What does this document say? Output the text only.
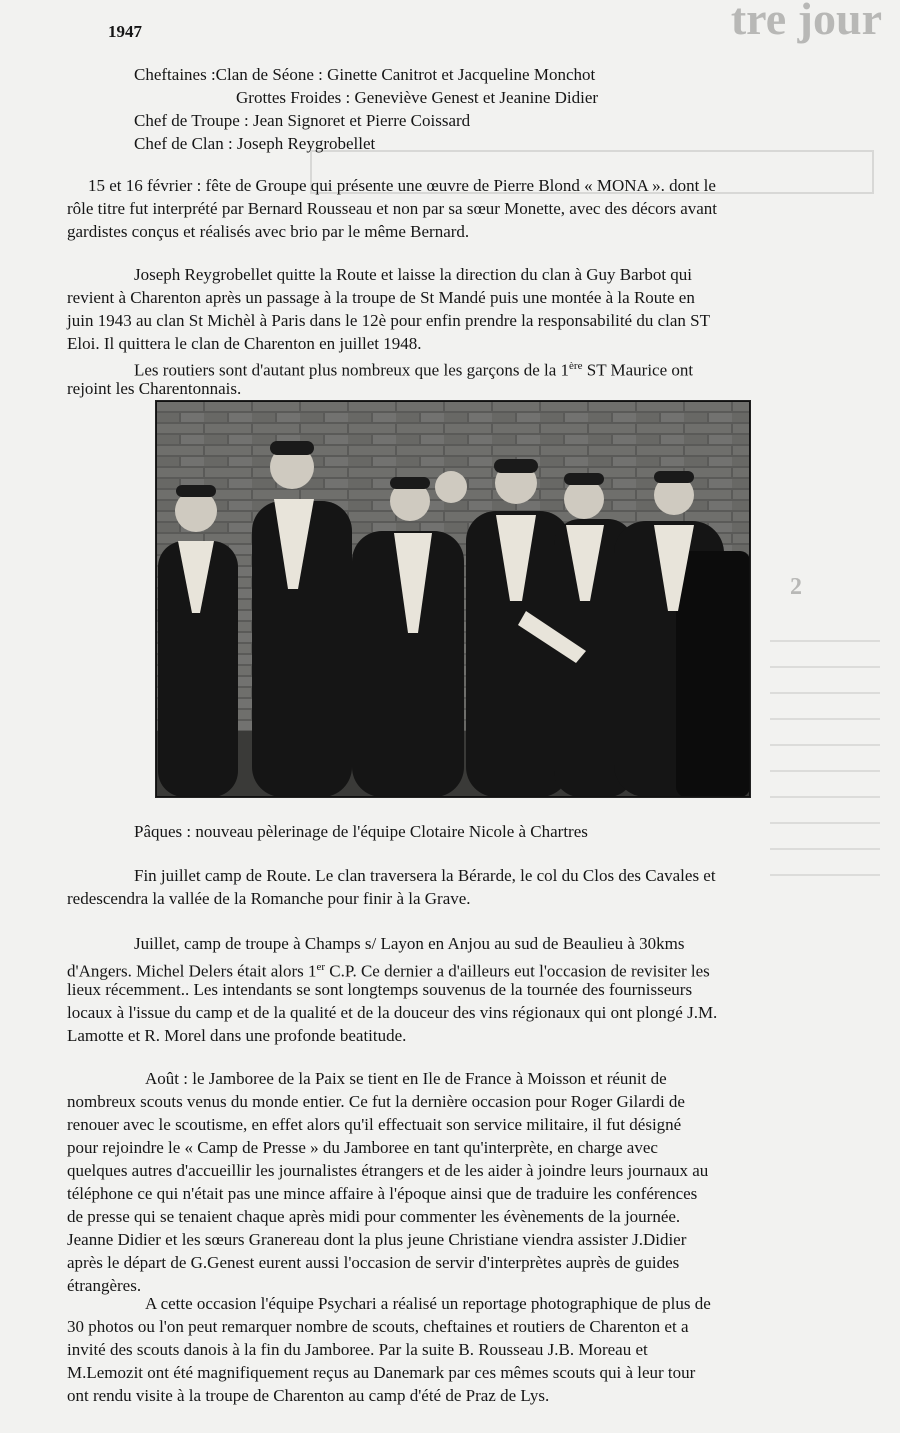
tre jour
2
1947
Cheftaines :Clan de Séone : Ginette Canitrot et Jacqueline Monchot
Grottes Froides : Geneviève Genest et Jeanine Didier
Chef de Troupe : Jean Signoret et Pierre Coissard
Chef de Clan : Joseph Reygrobellet
15 et 16 février : fête de Groupe qui présente une œuvre de Pierre Blond « MONA ». dont le
rôle titre fut interprété par Bernard Rousseau et non par sa sœur Monette, avec des décors avant
gardistes conçus et réalisés avec brio par le même Bernard.
Joseph Reygrobellet quitte la Route et laisse la direction du clan à Guy Barbot qui
revient à Charenton après un passage à la troupe de St Mandé puis une montée à la Route en
juin 1943 au clan St Michèl à Paris dans le 12è pour enfin prendre la responsabilité du clan ST
Eloi. Il quittera le clan de Charenton en juillet 1948.
Les routiers sont d'autant plus nombreux que les garçons de la 1ère ST Maurice ont
rejoint les Charentonnais.
Pâques : nouveau pèlerinage de l'équipe Clotaire Nicole à Chartres
Fin juillet camp de Route. Le clan traversera la Bérarde, le col du Clos des Cavales et
redescendra la vallée de la Romanche pour finir à la Grave.
Juillet, camp de troupe à Champs s/ Layon en Anjou au sud de Beaulieu à 30kms
d'Angers. Michel Delers était alors 1er C.P. Ce dernier a d'ailleurs eut l'occasion de revisiter les
lieux récemment.. Les intendants se sont longtemps souvenus de la tournée des fournisseurs
locaux à l'issue du camp et de la qualité et de la douceur des vins régionaux qui ont plongé J.M.
Lamotte et R. Morel dans une profonde beatitude.
Août : le Jamboree de la Paix se tient en Ile de France à Moisson et réunit de
nombreux scouts venus du monde entier. Ce fut la dernière occasion pour Roger Gilardi de
renouer avec le scoutisme, en effet alors qu'il effectuait son service militaire, il fut désigné
pour rejoindre le « Camp de Presse » du Jamboree en tant qu'interprète, en charge avec
quelques autres d'accueillir les journalistes étrangers et de les aider à joindre leurs journaux au
téléphone ce qui n'était pas une mince affaire à l'époque ainsi que de traduire les conférences
de presse qui se tenaient chaque après midi pour commenter les évènements de la journée.
Jeanne Didier et les sœurs Granereau dont la plus jeune Christiane viendra assister J.Didier
après le départ de G.Genest eurent aussi l'occasion de servir d'interprètes auprès de guides
étrangères.
A cette occasion l'équipe Psychari a réalisé un reportage photographique de plus de
30 photos ou l'on peut remarquer nombre de scouts, cheftaines et routiers de Charenton et a
invité des scouts danois à la fin du Jamboree. Par la suite B. Rousseau J.B. Moreau et
M.Lemozit ont été magnifiquement reçus au Danemark par ces mêmes scouts qui à leur tour
ont rendu visite à la troupe de Charenton au camp d'été de Praz de Lys.
